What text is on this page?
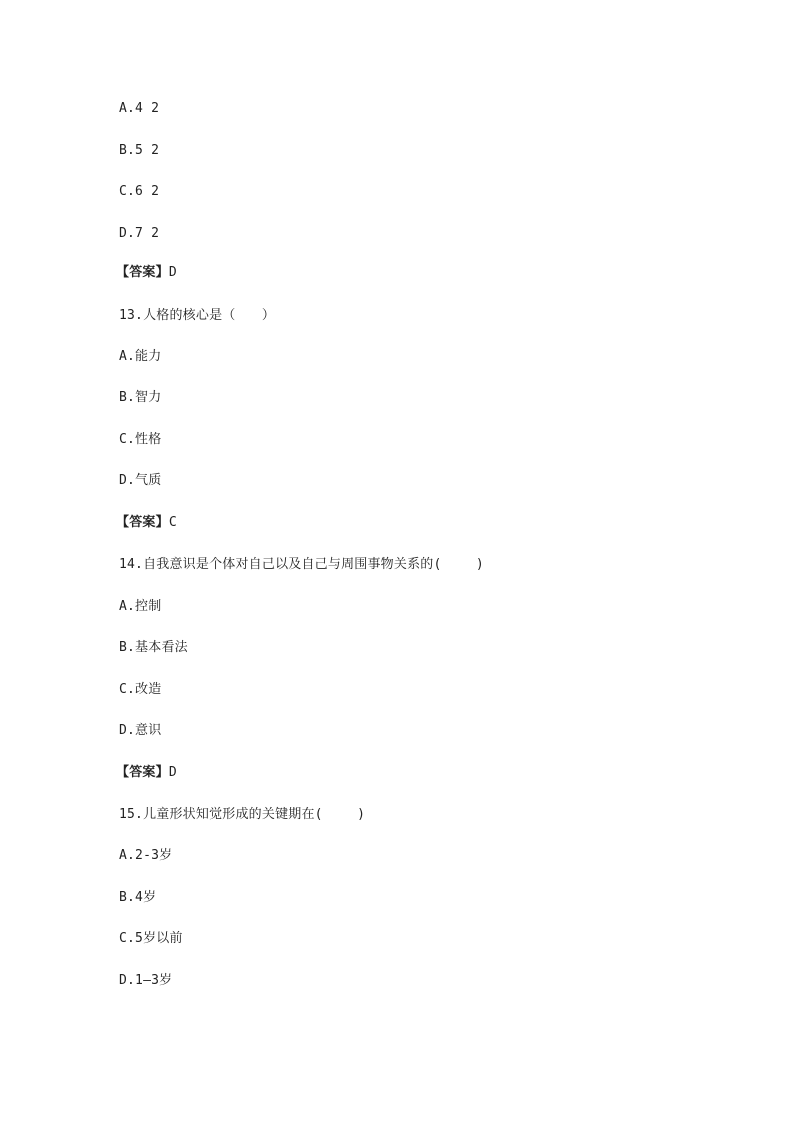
A.4 2
B.5 2
C.6 2
D.7 2
【答案】D
13.人格的核心是（　　）
A.能力
B.智力
C.性格
D.气质
【答案】C
14.自我意识是个体对自己以及自己与周围事物关系的(　　 )
A.控制
B.基本看法
C.改造
D.意识
【答案】D
15.儿童形状知觉形成的关键期在(　　 )
A.2-3岁
B.4岁
C.5岁以前
D.1—3岁
